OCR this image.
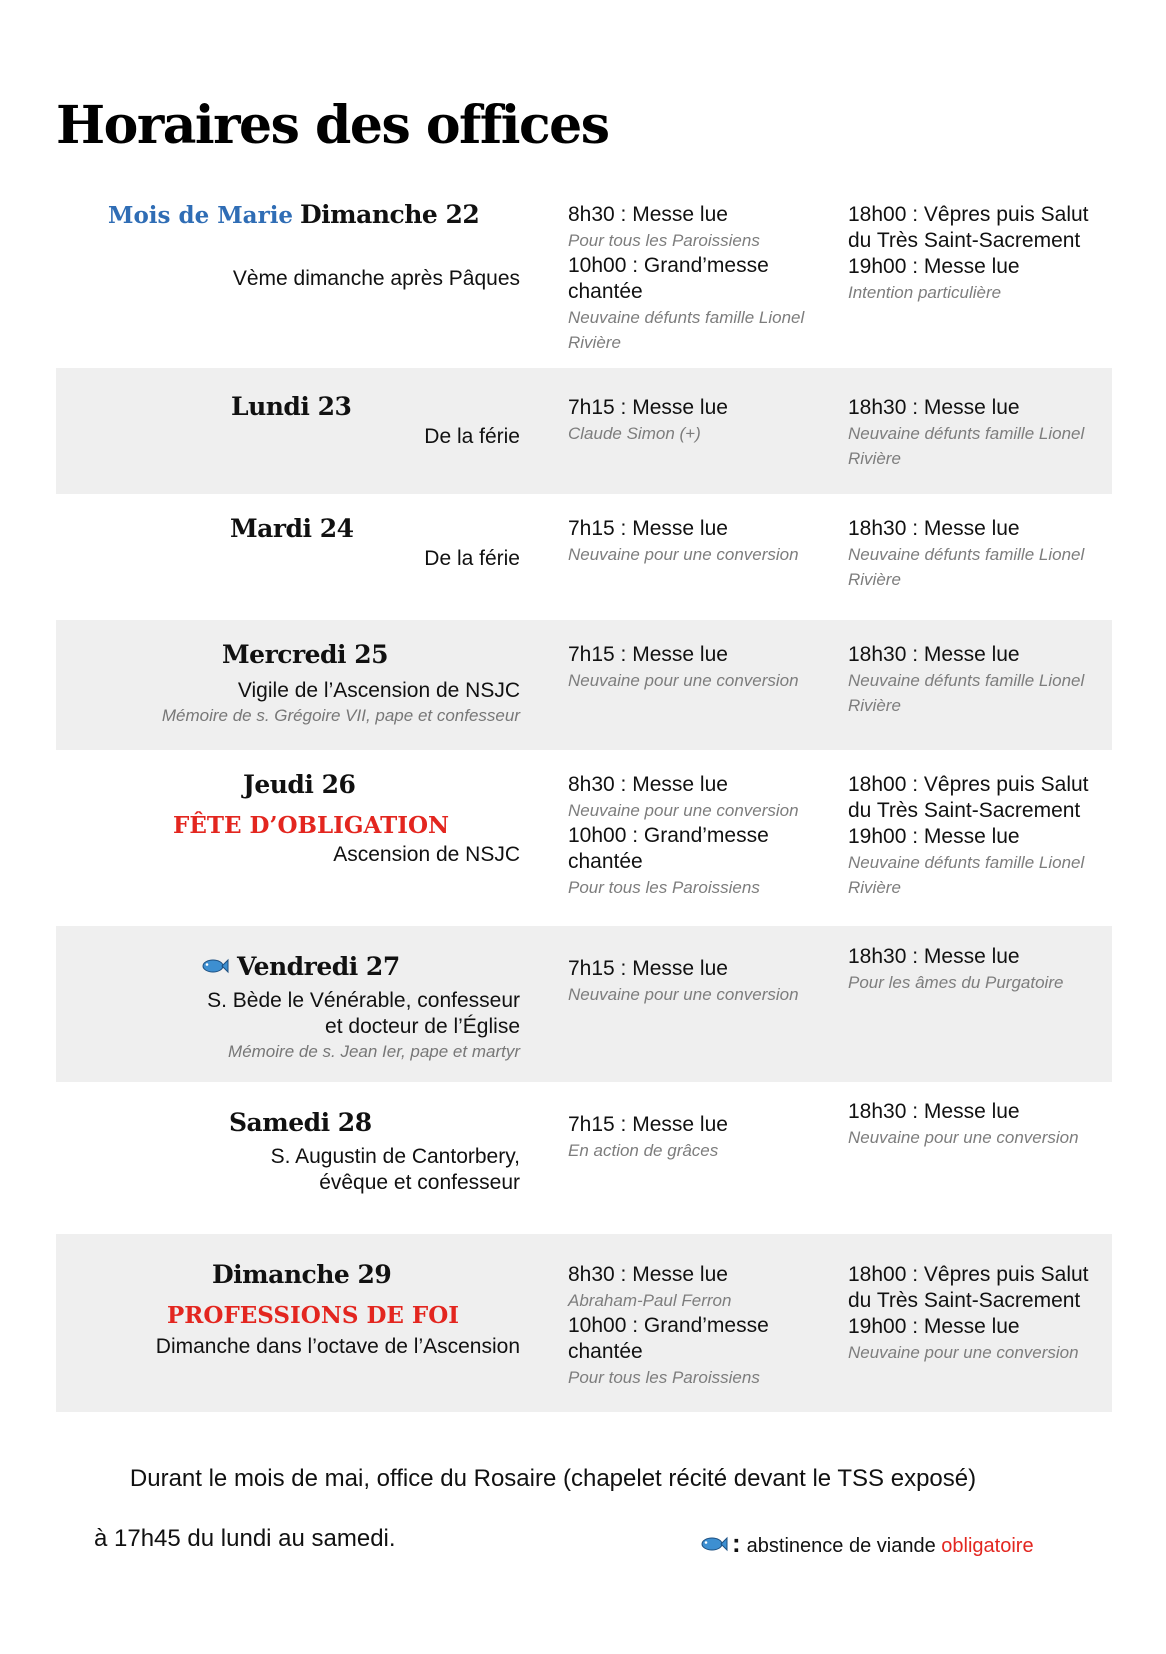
Horaires des offices
Mois de Marie Dimanche 22
Vème dimanche après Pâques
8h30 : Messe lue
Pour tous les Paroissiens
10h00 : Grand’messe chantée
Neuvaine défunts famille Lionel Rivière
18h00 : Vêpres puis Salut du Très Saint-Sacrement
19h00 : Messe lue
Intention particulière
Lundi 23
De la férie
7h15 : Messe lue
Claude Simon (+)
18h30 : Messe lue
Neuvaine défunts famille Lionel Rivière
Mardi 24
De la férie
7h15 : Messe lue
Neuvaine pour une conversion
18h30 : Messe lue
Neuvaine défunts famille Lionel Rivière
Mercredi 25
Vigile de l’Ascension de NSJC
Mémoire de s. Grégoire VII, pape et confesseur
7h15 : Messe lue
Neuvaine pour une conversion
18h30 : Messe lue
Neuvaine défunts famille Lionel Rivière
Jeudi 26
FÊTE D’OBLIGATION
Ascension de NSJC
8h30 : Messe lue
Neuvaine pour une conversion
10h00 : Grand’messe chantée
Pour tous les Paroissiens
18h00 : Vêpres puis Salut du Très Saint-Sacrement
19h00 : Messe lue
Neuvaine défunts famille Lionel Rivière
Vendredi 27
S. Bède le Vénérable, confesseur
et docteur de l’Église
Mémoire de s. Jean Ier, pape et martyr
7h15 : Messe lue
Neuvaine pour une conversion
18h30 : Messe lue
Pour les âmes du Purgatoire
Samedi 28
S. Augustin de Cantorbery,
évêque et confesseur
7h15 : Messe lue
En action de grâces
18h30 : Messe lue
Neuvaine pour une conversion
Dimanche 29
PROFESSIONS DE FOI
Dimanche dans l’octave de l’Ascension
8h30 : Messe lue
Abraham-Paul Ferron
10h00 : Grand’messe chantée
Pour tous les Paroissiens
18h00 : Vêpres puis Salut du Très Saint-Sacrement
19h00 : Messe lue
Neuvaine pour une conversion
Durant le mois de mai, office du Rosaire (chapelet récité devant le TSS exposé)
à 17h45 du lundi au samedi.	: abstinence de viande obligatoire
